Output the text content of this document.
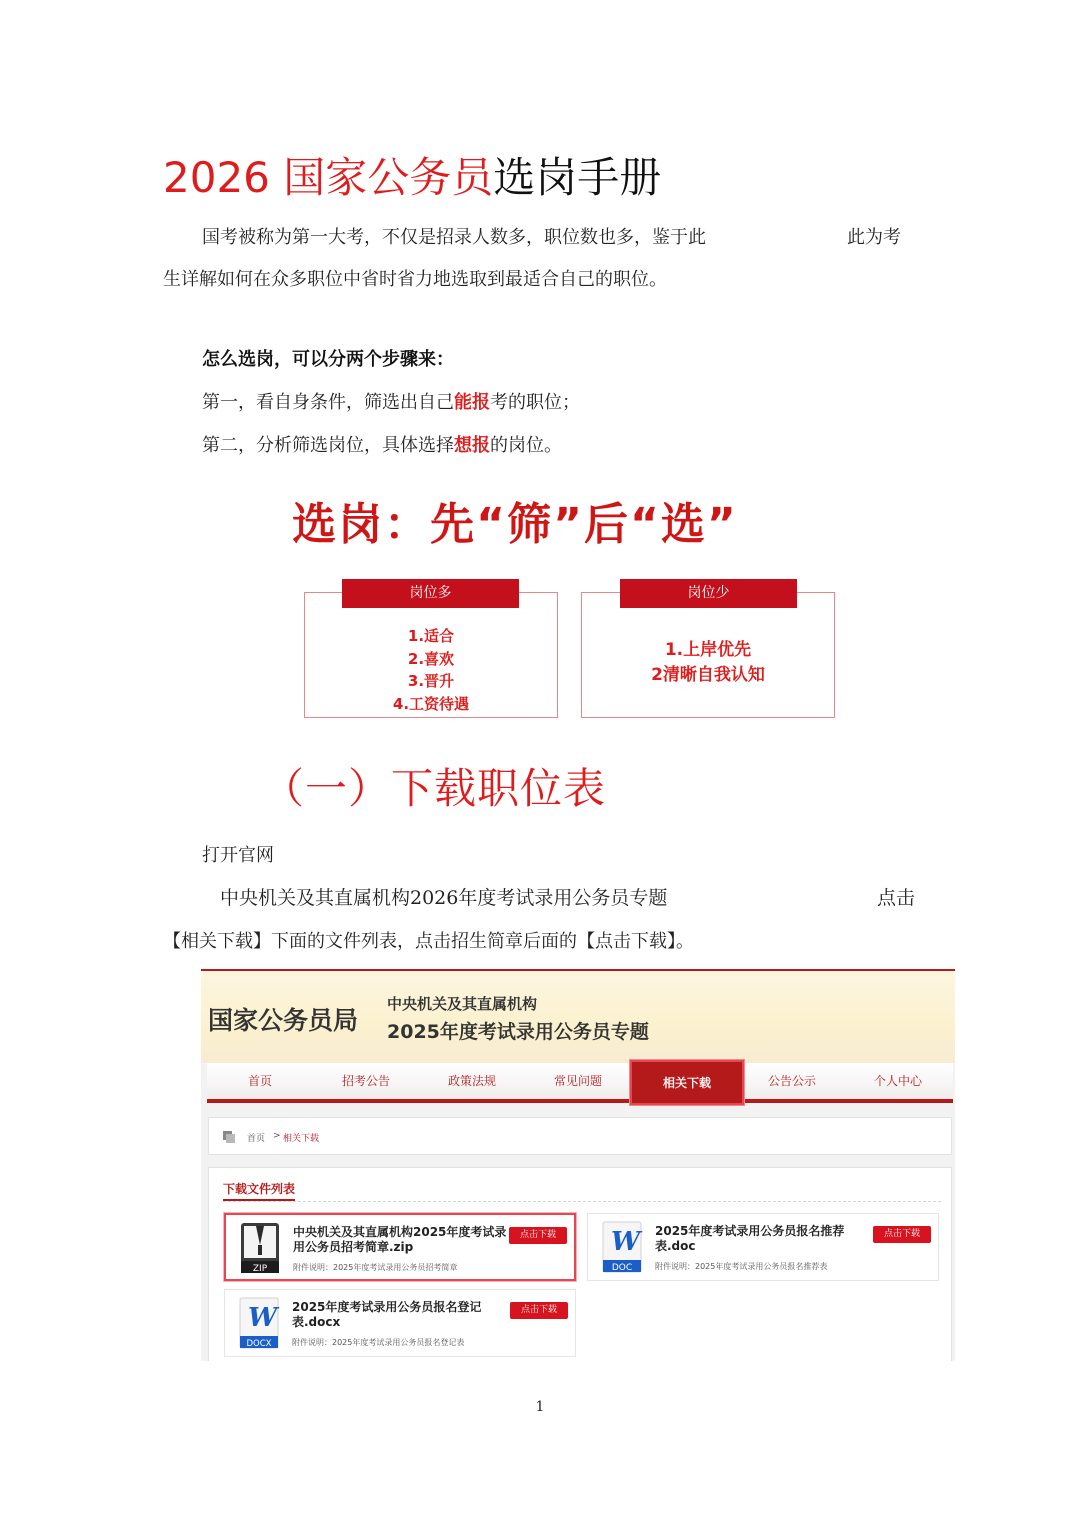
2026 国家公务员选岗手册
国考被称为第一大考，不仅是招录人数多，职位数也多，鉴于此	此为考
生详解如何在众多职位中省时省力地选取到最适合自己的职位。
怎么选岗，可以分两个步骤来：
第一，看自身条件，筛选出自己能报考的职位；
第二，分析筛选岗位，具体选择想报的岗位。
选岗：先“筛”后“选”
岗位多
1.适合
2.喜欢
3.晋升
4.工资待遇
岗位少
1.上岸优先
2清晰自我认知
（一）下载职位表
打开官网
中央机关及其直属机构2026年度考试录用公务员专题	点击
【相关下载】下面的文件列表，点击招生简章后面的【点击下载】。
国家公务员局
中央机关及其直属机构
2025年度考试录用公务员专题
首页	招考公告	政策法规	常见问题	相关下载	公告公示	个人中心
首页 > 相关下载
下载文件列表
ZIP
中央机关及其直属机构2025年度考试录用公务员招考简章.zip
附件说明：2025年度考试录用公务员招考简章
点击下载	W
DOC
2025年度考试录用公务员报名推荐表.doc
附件说明：2025年度考试录用公务员报名推荐表
点击下载
W
DOCX
2025年度考试录用公务员报名登记表.docx
附件说明：2025年度考试录用公务员报名登记表
点击下载
1
